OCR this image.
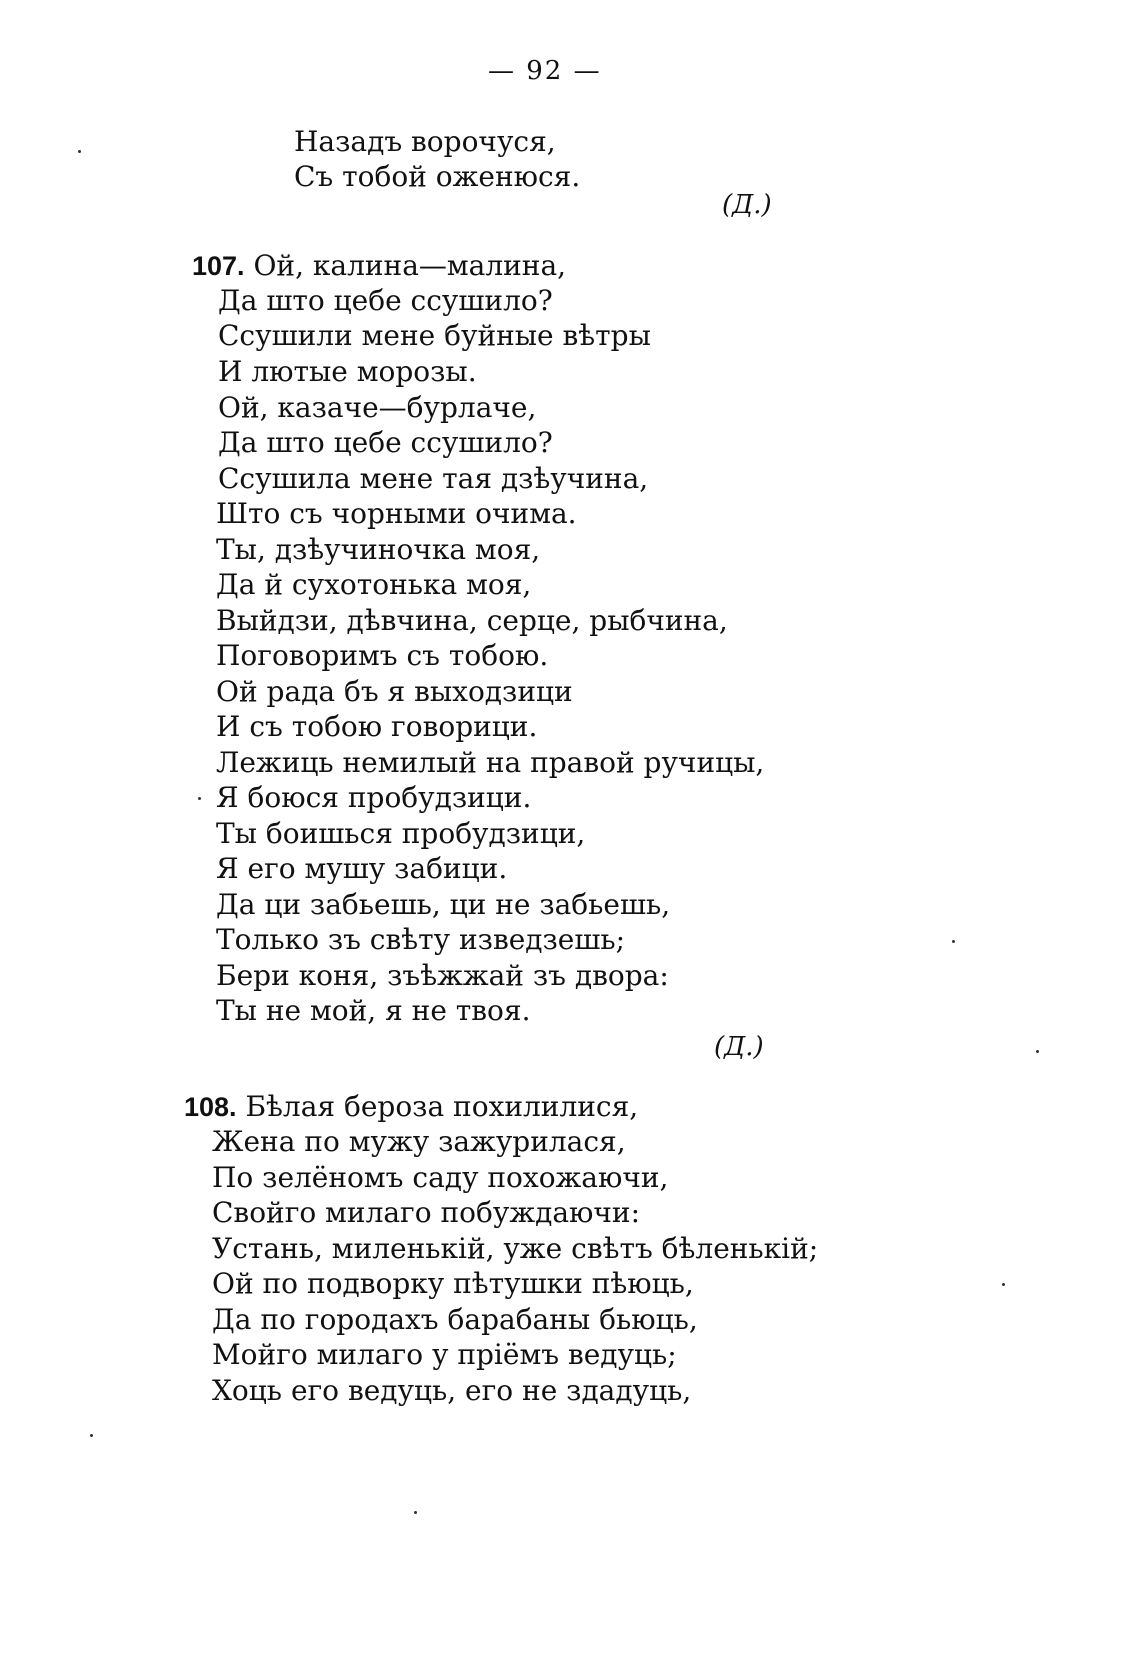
— 92 —
Назадъ ворочуся,
Съ тобой оженюся.
(Д.)
107. Ой, калина—малина,
Да што цебе ссушило?
Ссушили мене буйные вѣтры
И лютые морозы.
Ой, казаче—бурлаче,
Да што цебе ссушило?
Ссушила мене тая дзѣучина,
Што съ чорными очима.
Ты, дзѣучиночка моя,
Да й сухотонька моя,
Выйдзи, дѣвчина, серце, рыбчина,
Поговоримъ съ тобою.
Ой рада бъ я выходзици
И съ тобою говорици.
Лежиць немилый на правой ручицы,
Я боюся пробудзици.
Ты боишься пробудзици,
Я его мушу забици.
Да ци забьешь, ци не забьешь,
Только зъ свѣту изведзешь;
Бери коня, зъѣжжай зъ двора:
Ты не мой, я не твоя.
(Д.)
108. Бѣлая бероза похилилися,
Жена по мужу зажурилася,
По зелёномъ саду похожаючи,
Свойго милаго побуждаючи:
Устань, миленькій, уже свѣтъ бѣленькій;
Ой по подворку пѣтушки пѣюць,
Да по городахъ барабаны бьюць,
Мойго милаго у пріёмъ ведуць;
Хоць его ведуць, его не здадуць,
